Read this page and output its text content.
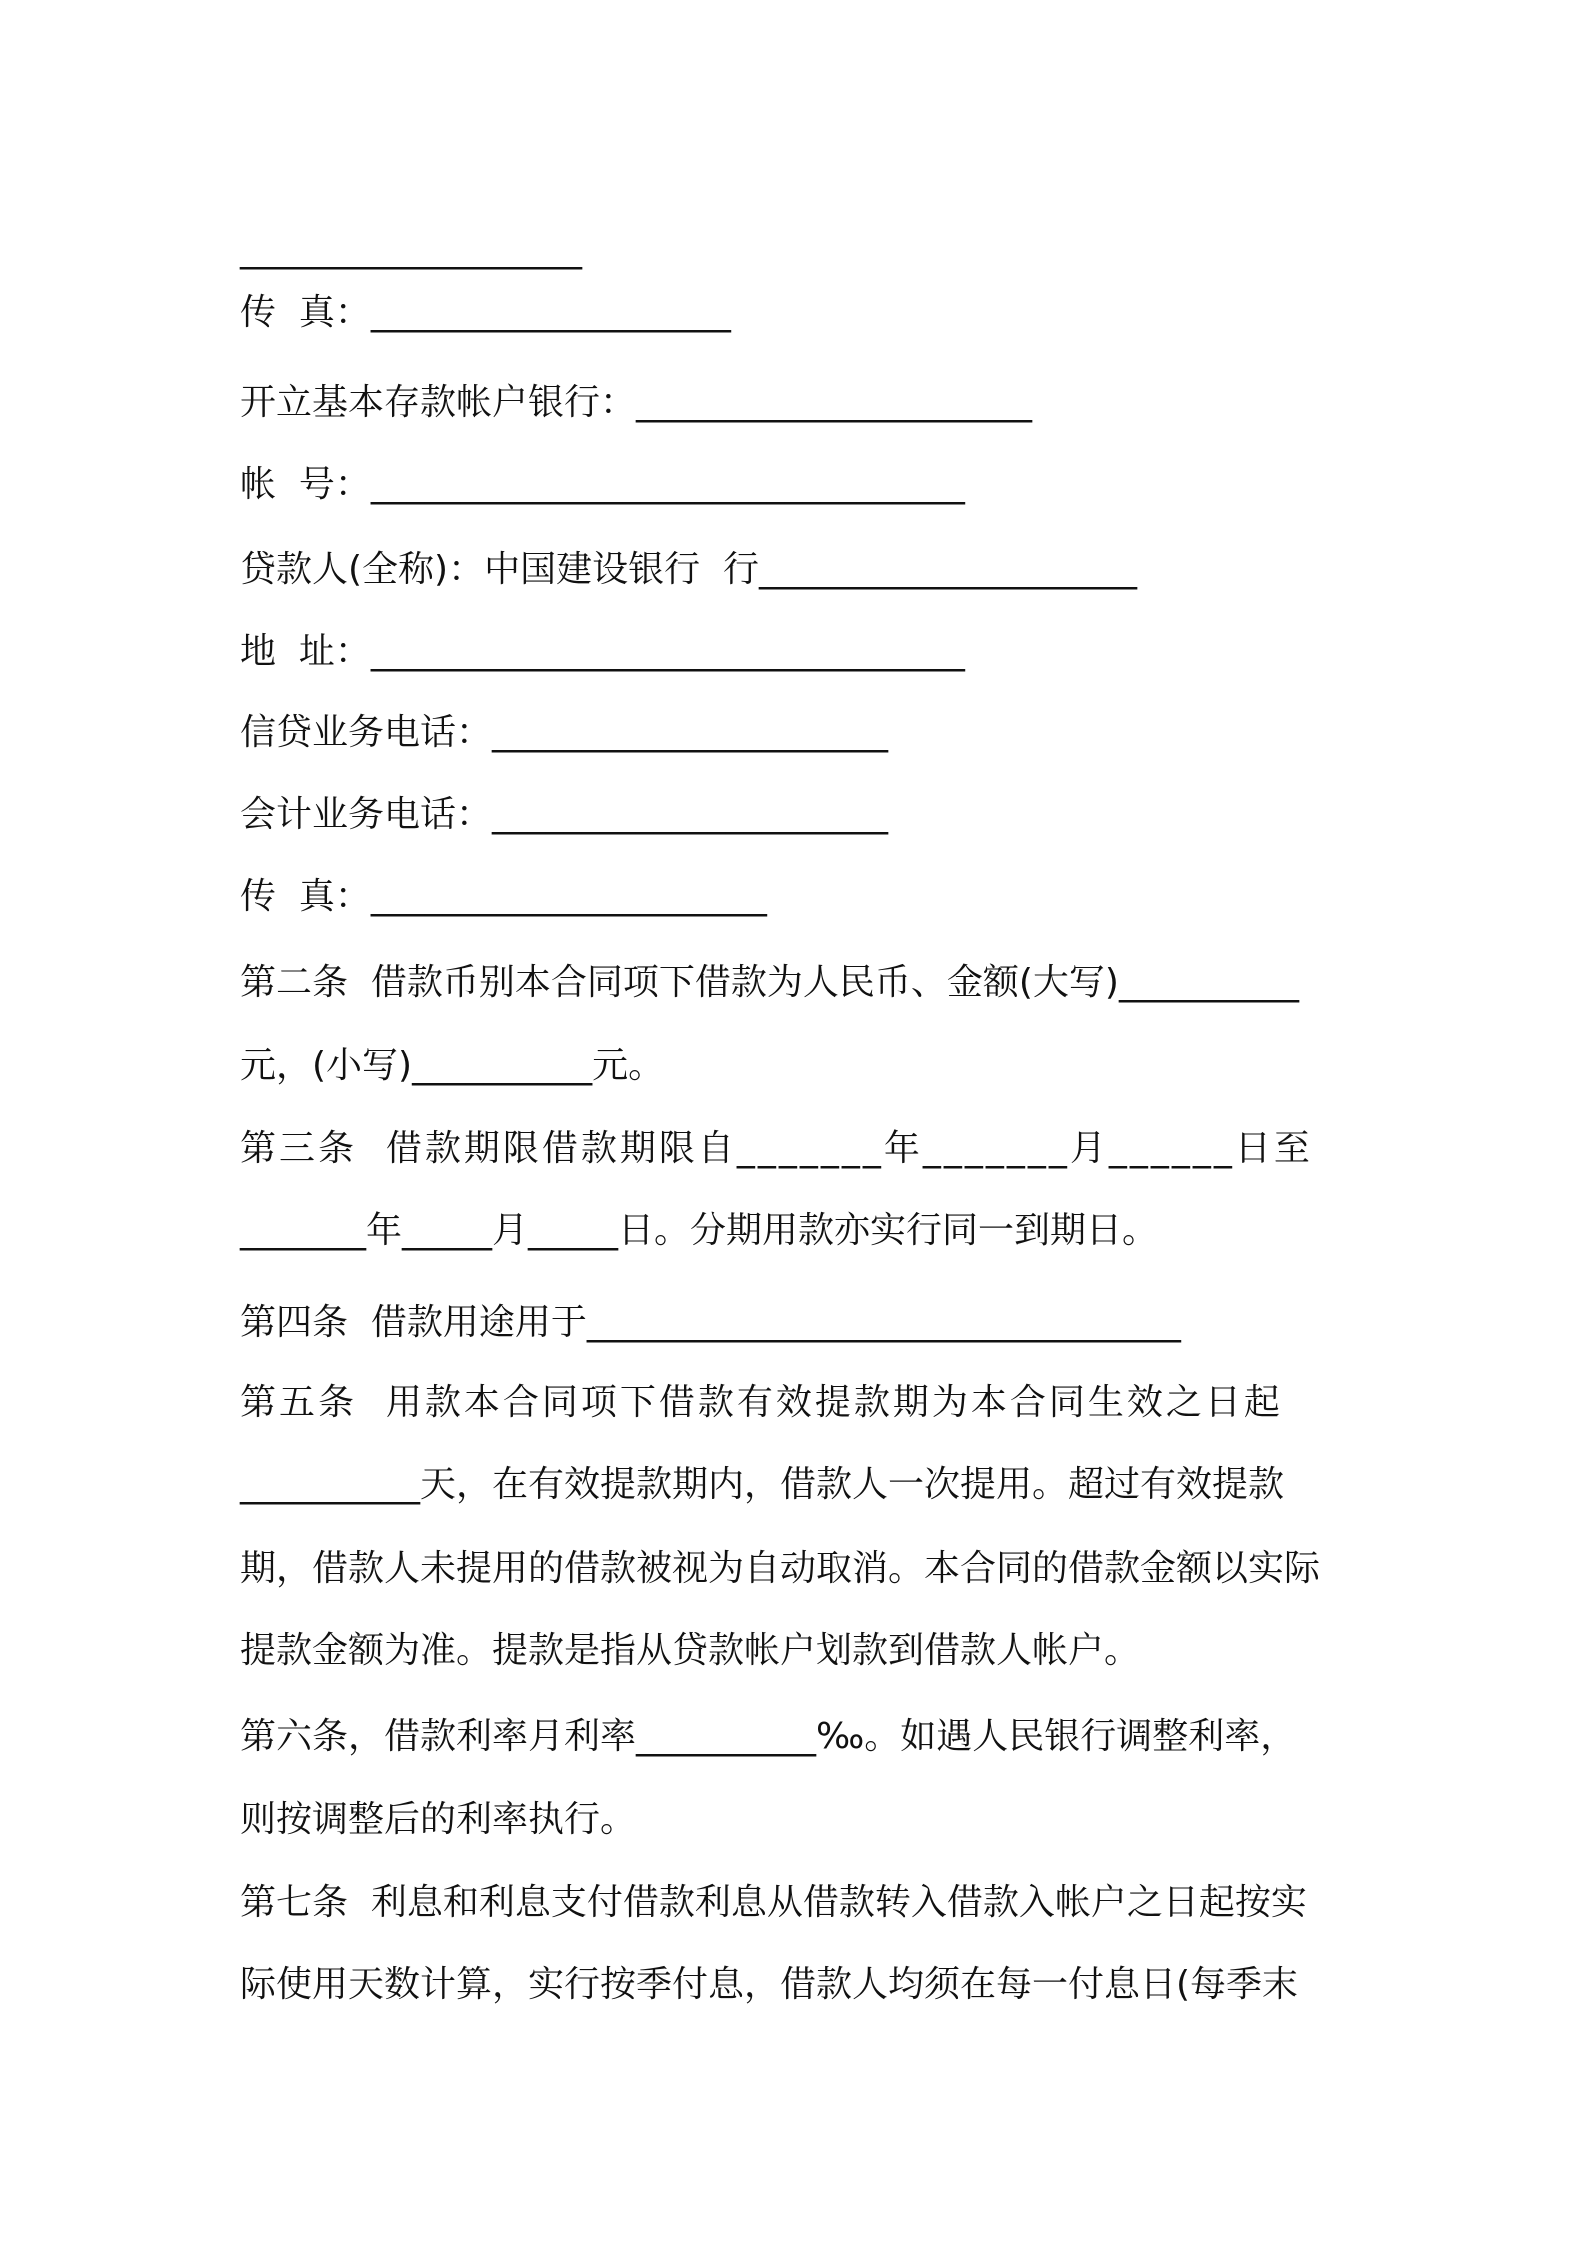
___________________
传  真：____________________
开立基本存款帐户银行：______________________
帐  号：_________________________________
贷款人(全称)：中国建设银行  行_____________________
地  址：_________________________________
信贷业务电话：______________________
会计业务电话：______________________
传  真：______________________
第二条  借款币别本合同项下借款为人民币、金额(大写)__________
元，(小写)__________元。
第三条  借款期限借款期限自_______年_______月______日至
_______年_____月_____日。分期用款亦实行同一到期日。
第四条  借款用途用于_________________________________
第五条  用款本合同项下借款有效提款期为本合同生效之日起
__________天，在有效提款期内，借款人一次提用。超过有效提款
期，借款人未提用的借款被视为自动取消。本合同的借款金额以实际
提款金额为准。提款是指从贷款帐户划款到借款人帐户。
第六条，借款利率月利率__________‰。如遇人民银行调整利率，
则按调整后的利率执行。
第七条  利息和利息支付借款利息从借款转入借款入帐户之日起按实
际使用天数计算，实行按季付息，借款人均须在每一付息日(每季末
